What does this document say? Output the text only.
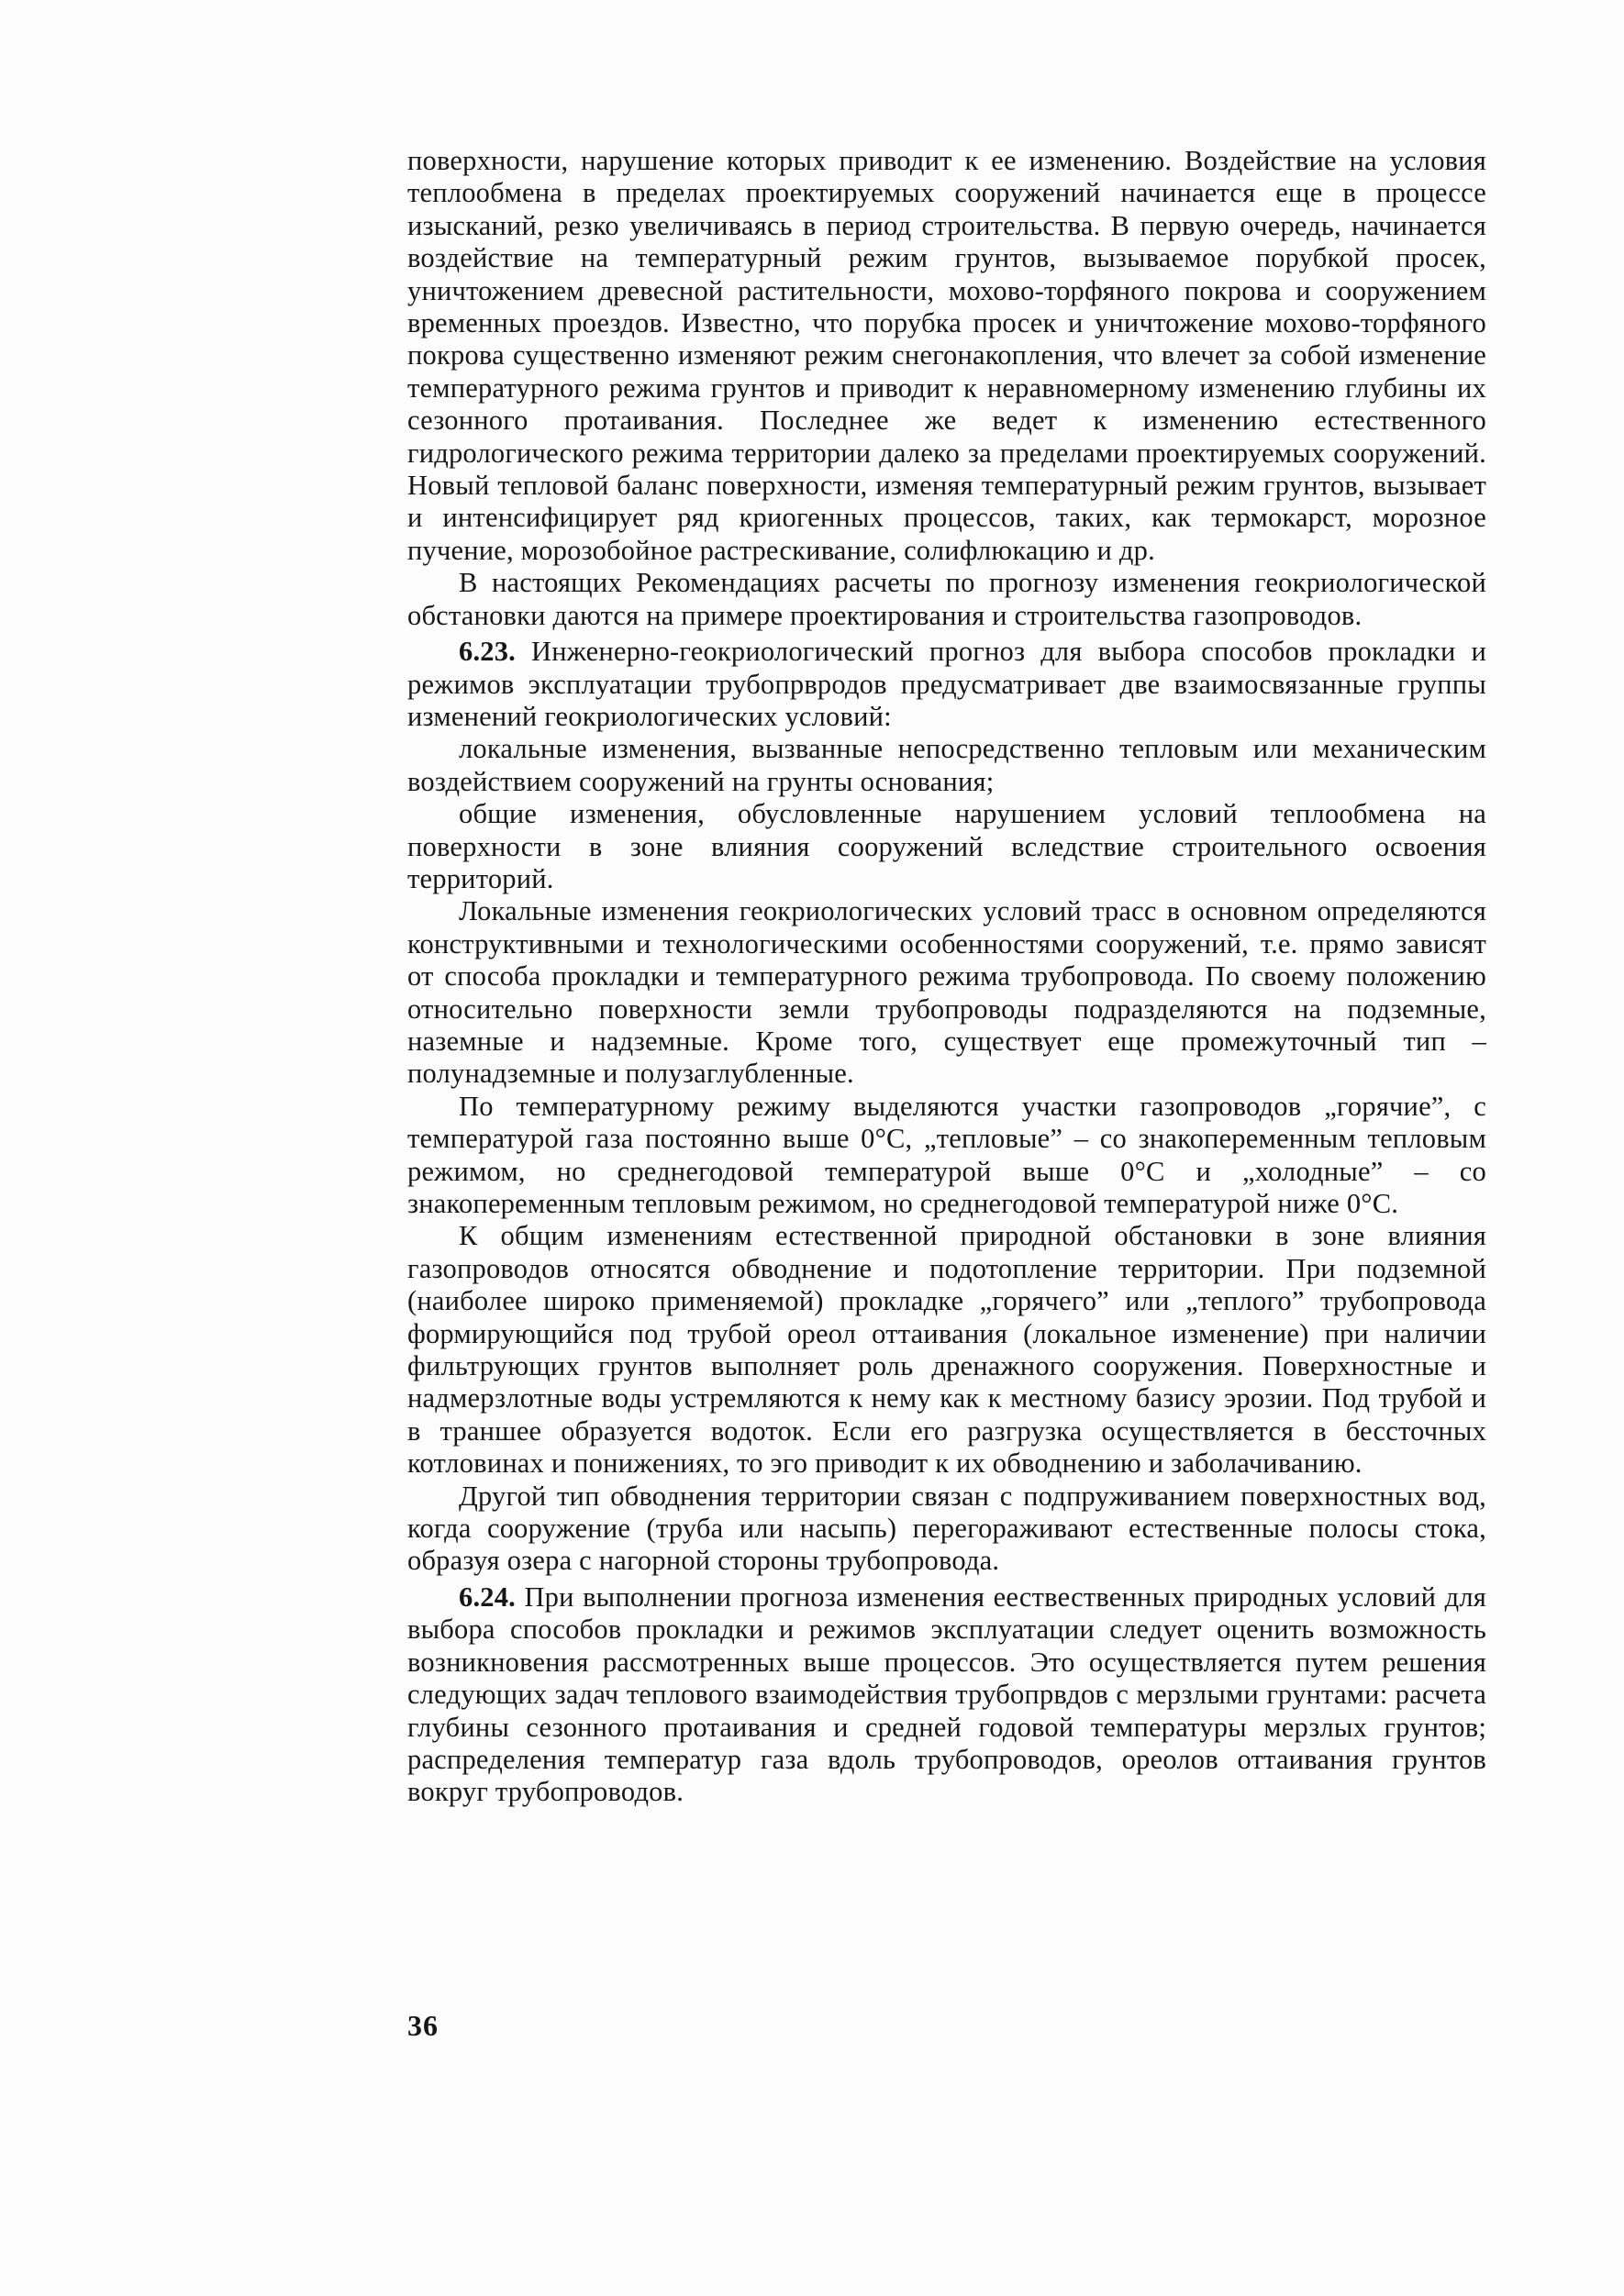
поверхности, нарушение которых приводит к ее изменению. Воздействие на условия теплообмена в пределах проектируемых сооружений начинается еще в процессе изысканий, резко увеличиваясь в период строительства. В первую очередь, начинается воздействие на температурный режим грунтов, вызываемое порубкой просек, уничтожением древесной растительности, мохово-торфяного покрова и сооружением временных проездов. Известно, что порубка просек и уничтожение мохово-торфяного покрова существенно изменяют режим снегонакопления, что влечет за собой изменение температурного режима грунтов и приводит к неравномерному изменению глубины их сезонного протаивания. Последнее же ведет к изменению естественного гидрологического режима территории далеко за пределами проектируемых сооружений. Новый тепловой баланс поверхности, изменяя температурный режим грунтов, вызывает и интенсифицирует ряд криогенных процессов, таких, как термокарст, морозное пучение, морозобойное растрескивание, солифлюкацию и др.

В настоящих Рекомендациях расчеты по прогнозу изменения геокриологической обстановки даются на примере проектирования и строительства газопроводов.

6.23. Инженерно-геокриологический прогноз для выбора способов прокладки и режимов эксплуатации трубопрвродов предусматривает две взаимосвязанные группы изменений геокриологических условий:

локальные изменения, вызванные непосредственно тепловым или механическим воздействием сооружений на грунты основания;

общие изменения, обусловленные нарушением условий теплообмена на поверхности в зоне влияния сооружений вследствие строительного освоения территорий.

Локальные изменения геокриологических условий трасс в основном определяются конструктивными и технологическими особенностями сооружений, т.е. прямо зависят от способа прокладки и температурного режима трубопровода. По своему положению относительно поверхности земли трубопроводы подразделяются на подземные, наземные и надземные. Кроме того, существует еще промежуточный тип – полунадземные и полузаглубленные.

По температурному режиму выделяются участки газопроводов „горячие”, с температурой газа постоянно выше 0°С, „тепловые” – со знакопеременным тепловым режимом, но среднегодовой температурой выше 0°С и „холодные” – со знакопеременным тепловым режимом, но среднегодовой температурой ниже 0°С.

К общим изменениям естественной природной обстановки в зоне влияния газопроводов относятся обводнение и подотопление территории. При подземной (наиболее широко применяемой) прокладке „горячего” или „теплого” трубопровода формирующийся под трубой ореол оттаивания (локальное изменение) при наличии фильтрующих грунтов выполняет роль дренажного сооружения. Поверхностные и надмерзлотные воды устремляются к нему как к местному базису эрозии. Под трубой и в траншее образуется водоток. Если его разгрузка осуществляется в бессточных котловинах и понижениях, то эго приводит к их обводнению и заболачиванию.

Другой тип обводнения территории связан с подпруживанием поверхностных вод, когда сооружение (труба или насыпь) перегораживают естественные полосы стока, образуя озера с нагорной стороны трубопровода.

6.24. При выполнении прогноза изменения еествественных природных условий для выбора способов прокладки и режимов эксплуатации следует оценить возможность возникновения рассмотренных выше процессов. Это осуществляется путем решения следующих задач теплового взаимодействия трубопрвдов с мерзлыми грунтами: расчета глубины сезонного протаивания и средней годовой температуры мерзлых грунтов; распределения температур газа вдоль трубопроводов, ореолов оттаивания грунтов вокруг трубопроводов.

36
